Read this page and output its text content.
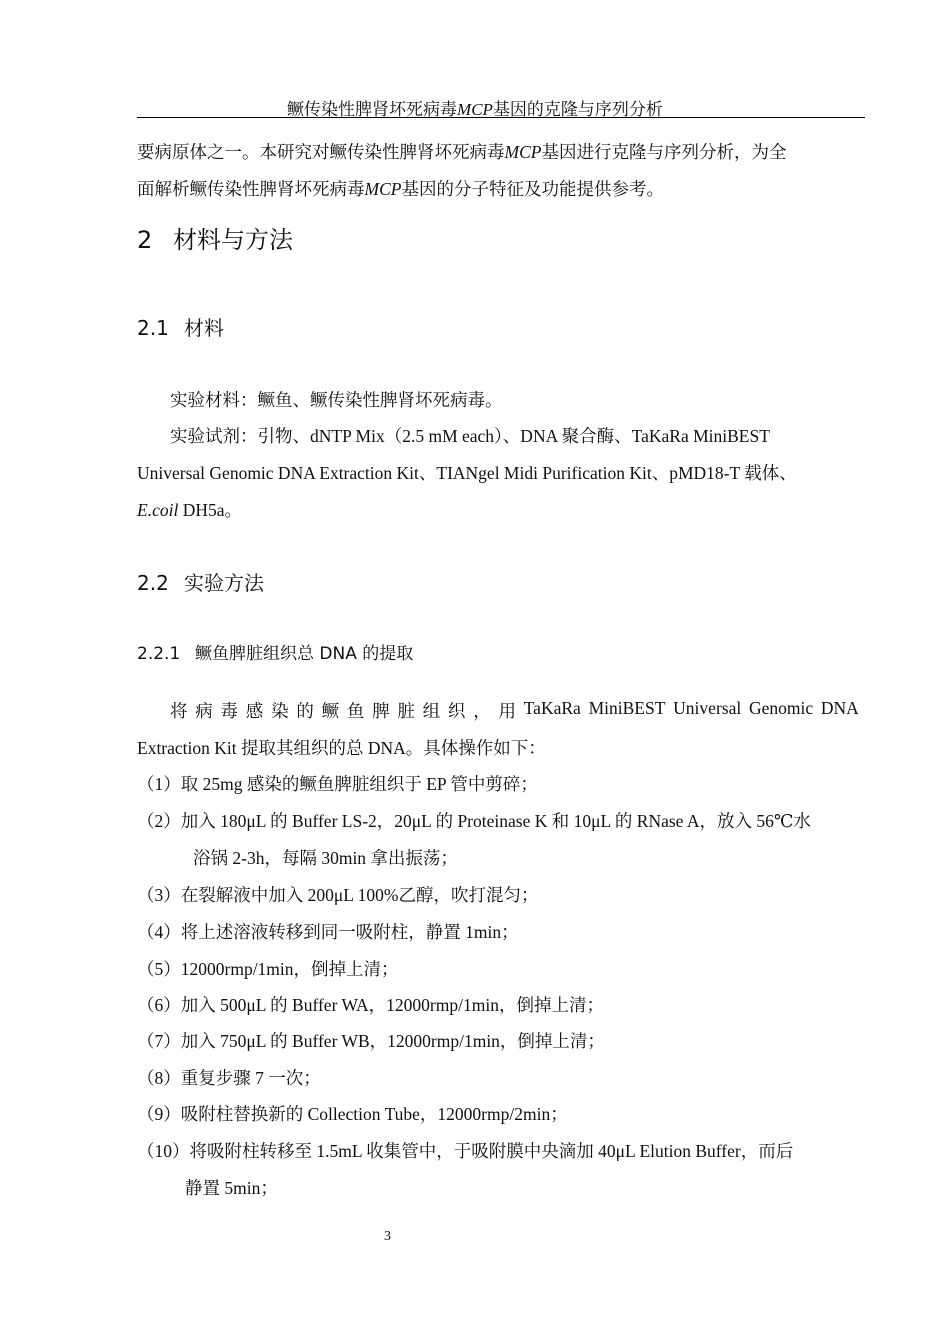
鳜传染性脾肾坏死病毒MCP基因的克隆与序列分析
要病原体之一。本研究对鳜传染性脾肾坏死病毒MCP基因进行克隆与序列分析，为全
面解析鳜传染性脾肾坏死病毒MCP基因的分子特征及功能提供参考。
2 材料与方法
2.1 材料
实验材料：鳜鱼、鳜传染性脾肾坏死病毒。
实验试剂：引物、dNTP Mix（2.5 mM each）、DNA 聚合酶、TaKaRa MiniBEST
Universal Genomic DNA Extraction Kit、TIANgel Midi Purification Kit、pMD18-T 载体、
E.coil DH5a。
2.2 实验方法
2.2.1 鳜鱼脾脏组织总 DNA 的提取
将 病 毒 感 染 的 鳜 鱼 脾 脏 组 织 ， 用 TaKaRa MiniBEST Universal Genomic DNA
Extraction Kit 提取其组织的总 DNA。具体操作如下：
（1）取 25mg 感染的鳜鱼脾脏组织于 EP 管中剪碎；
（2）加入 180μL 的 Buffer LS-2，20μL 的 Proteinase K 和 10μL 的 RNase A，放入 56℃水
浴锅 2-3h，每隔 30min 拿出振荡；
（3）在裂解液中加入 200μL 100%乙醇，吹打混匀；
（4）将上述溶液转移到同一吸附柱，静置 1min；
（5）12000rmp/1min，倒掉上清；
（6）加入 500μL 的 Buffer WA，12000rmp/1min，倒掉上清；
（7）加入 750μL 的 Buffer WB，12000rmp/1min，倒掉上清；
（8）重复步骤 7 一次；
（9）吸附柱替换新的 Collection Tube，12000rmp/2min；
（10）将吸附柱转移至 1.5mL 收集管中，于吸附膜中央滴加 40μL Elution Buffer，而后
静置 5min；
3
